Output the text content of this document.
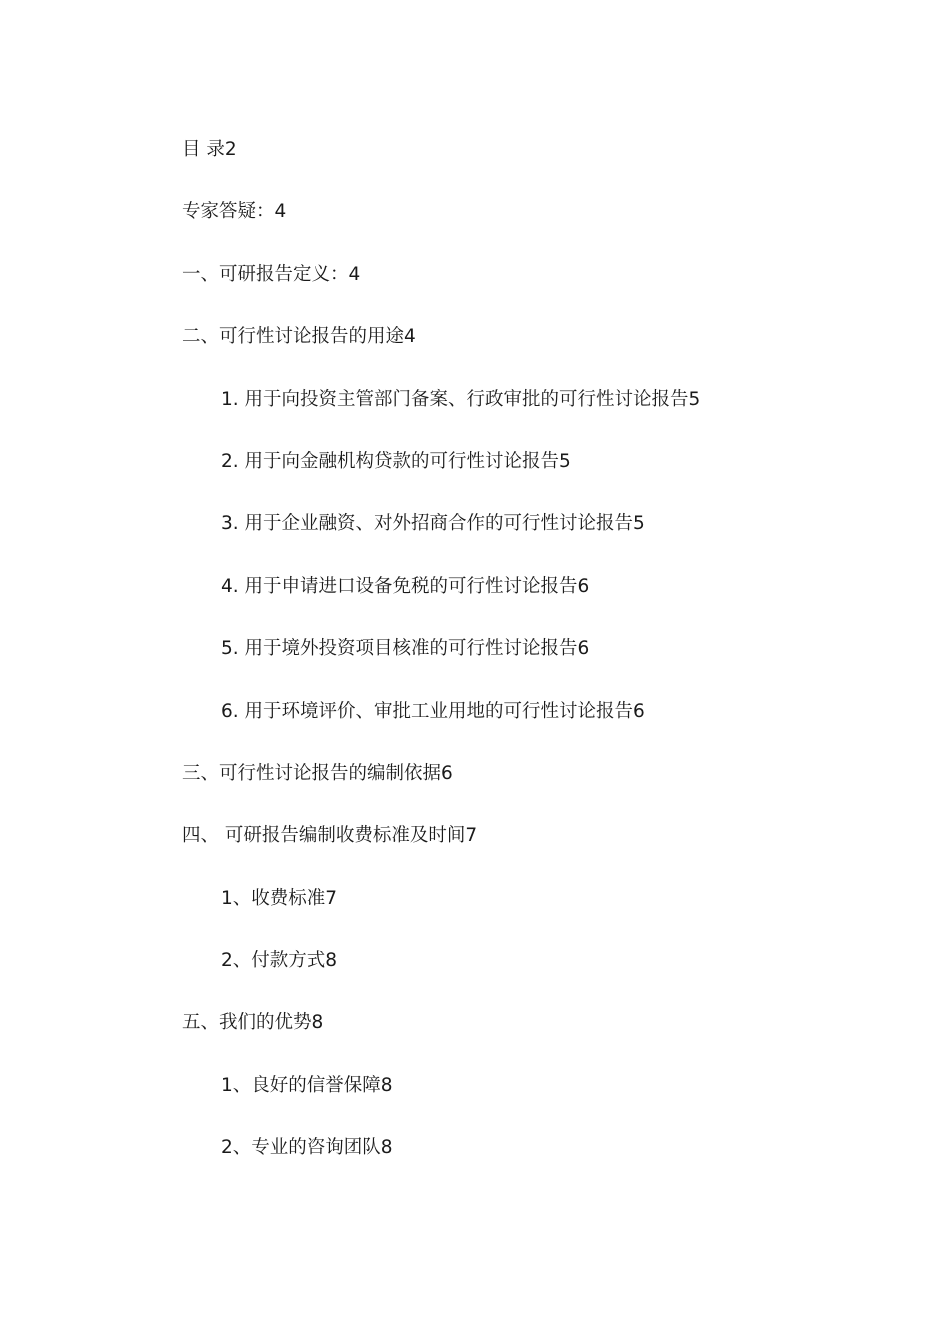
目 录2
专家答疑：4
一、可研报告定义：4
二、可行性讨论报告的用途4
1. 用于向投资主管部门备案、行政审批的可行性讨论报告5
2. 用于向金融机构贷款的可行性讨论报告5
3. 用于企业融资、对外招商合作的可行性讨论报告5
4. 用于申请进口设备免税的可行性讨论报告6
5. 用于境外投资项目核准的可行性讨论报告6
6. 用于环境评价、审批工业用地的可行性讨论报告6
三、可行性讨论报告的编制依据6
四、 可研报告编制收费标准及时间7
1、收费标准7
2、付款方式8
五、我们的优势8
1、良好的信誉保障8
2、专业的咨询团队8
